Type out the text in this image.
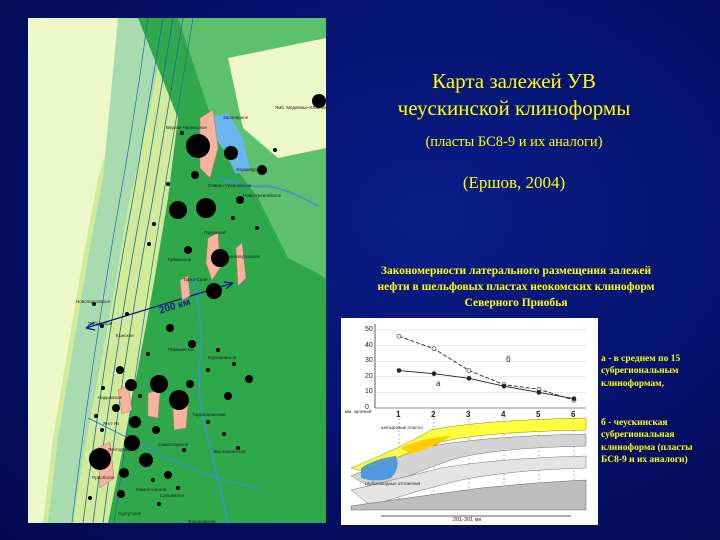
Верхне-Часельское
Заполярное
Ямб. Медвежье-Юбилейное
Харампурское
Ново-Уренгойское
Северо-Уренгойское
Пуровское
Вынгапуровское
Губкинское
Тарко-Сале
Новопортовское
Ямбургское
Кынское
Пякяхинское
Юрхаровское
Надымское
Янгт-Ях
Таркосалинское
Лянторское
Самотлорское
Мамонтовское
Приобское
Салымское
Вынгаяхинское
Федоровское
Сургутское
200 км
Карта залежей УВ
чеускинской клиноформы
(пласты БС8-9 и их аналоги)
(Ершов, 2004)
Закономерности латерального размещения залежей
нефти в шельфовых пластах неокомских клиноформ
Северного Приобья
50
40
30
20
10
0
1	2	3	4	5	6
б
а
мм. залежей
шельфовые пласты
глубоководные отложения
201-301 км
а - в среднем по 15 субрегиональным клиноформам,
б - чеускинская субрегиональная клиноформа (пласты БС8-9 и их аналоги)
